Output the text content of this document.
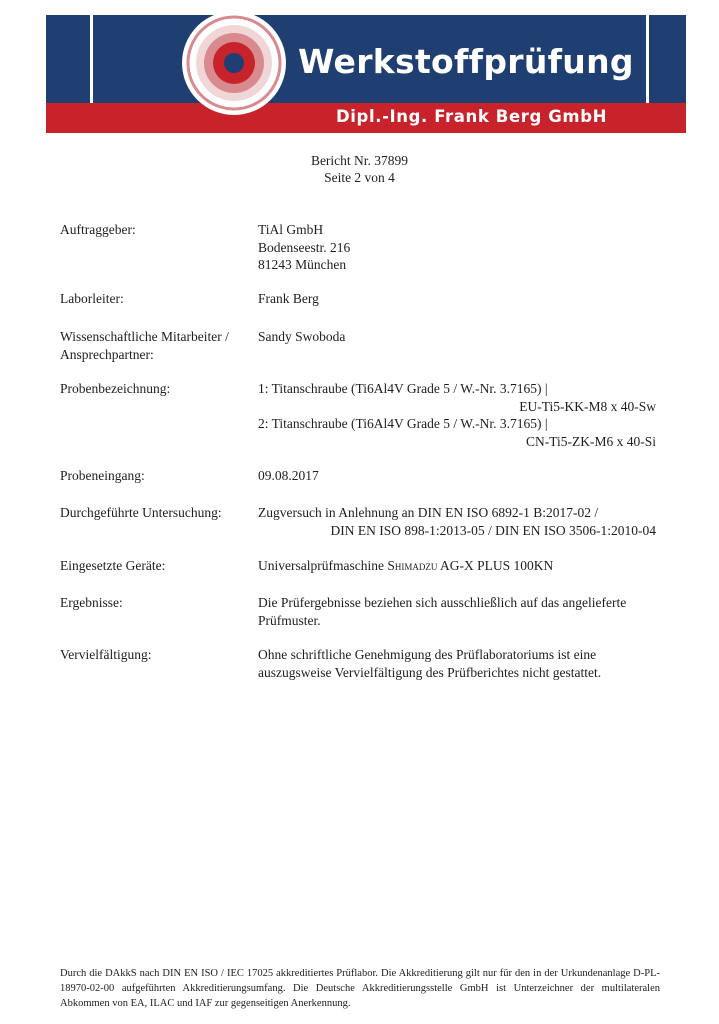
Werkstoffprüfung
Dipl.-Ing. Frank Berg GmbH
Bericht Nr. 37899
Seite 2 von 4
Auftraggeber:	TiAl GmbH
Bodenseestr. 216
81243 München
Laborleiter:	Frank Berg
Wissenschaftliche Mitarbeiter /
Ansprechpartner:
Sandy Swoboda
Probenbezeichnung:	1: Titanschraube (Ti6Al4V Grade 5 / W.-Nr. 3.7165) |
EU-Ti5-KK-M8 x 40-Sw
2: Titanschraube (Ti6Al4V Grade 5 / W.-Nr. 3.7165) |
CN-Ti5-ZK-M6 x 40-Si
Probeneingang:	09.08.2017
Durchgeführte Untersuchung:	Zugversuch in Anlehnung an DIN EN ISO 6892-1 B:2017-02 /
DIN EN ISO 898-1:2013-05 / DIN EN ISO 3506-1:2010-04
Eingesetzte Geräte:	Universalprüfmaschine Shimadzu AG-X PLUS 100KN
Ergebnisse:	Die Prüfergebnisse beziehen sich ausschließlich auf das angelieferte
Prüfmuster.
Vervielfältigung:	Ohne schriftliche Genehmigung des Prüflaboratoriums ist eine
auszugsweise Vervielfältigung des Prüfberichtes nicht gestattet.
Durch die DAkkS nach DIN EN ISO / IEC 17025 akkreditiertes Prüflabor. Die Akkreditierung gilt nur für den in der Urkundenanlage D-PL-18970-02-00 aufgeführten Akkreditierungsumfang. Die Deutsche Akkreditierungsstelle GmbH ist Unterzeichner der multilateralen Abkommen von EA, ILAC und IAF zur gegenseitigen Anerkennung.
